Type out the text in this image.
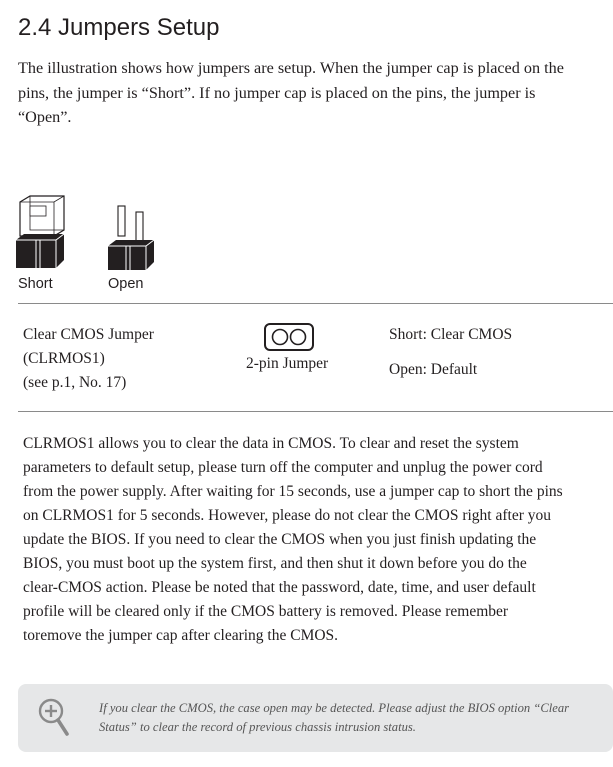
2.4 Jumpers Setup
The illustration shows how jumpers are setup. When the jumper cap is placed on the pins, the jumper is “Short”. If no jumper cap is placed on the pins, the jumper is “Open”.
Short	Open
Clear CMOS Jumper
(CLRMOS1)
(see p.1, No. 17)
2-pin Jumper
Short: Clear CMOS
Open: Default
CLRMOS1 allows you to clear the data in CMOS. To clear and reset the system parameters to default setup, please turn off the computer and unplug the power cord from the power supply. After waiting for 15 seconds, use a jumper cap to short the pins on CLRMOS1 for 5 seconds. However, please do not clear the CMOS right after you update the BIOS. If you need to clear the CMOS when you just finish updating the BIOS, you must boot up the system first, and then shut it down before you do the clear-CMOS action. Please be noted that the password, date, time, and user default profile will be cleared only if the CMOS battery is removed. Please remember toremove the jumper cap after clearing the CMOS.
If you clear the CMOS, the case open may be detected. Please adjust the BIOS option “Clear Status” to clear the record of previous chassis intrusion status.
